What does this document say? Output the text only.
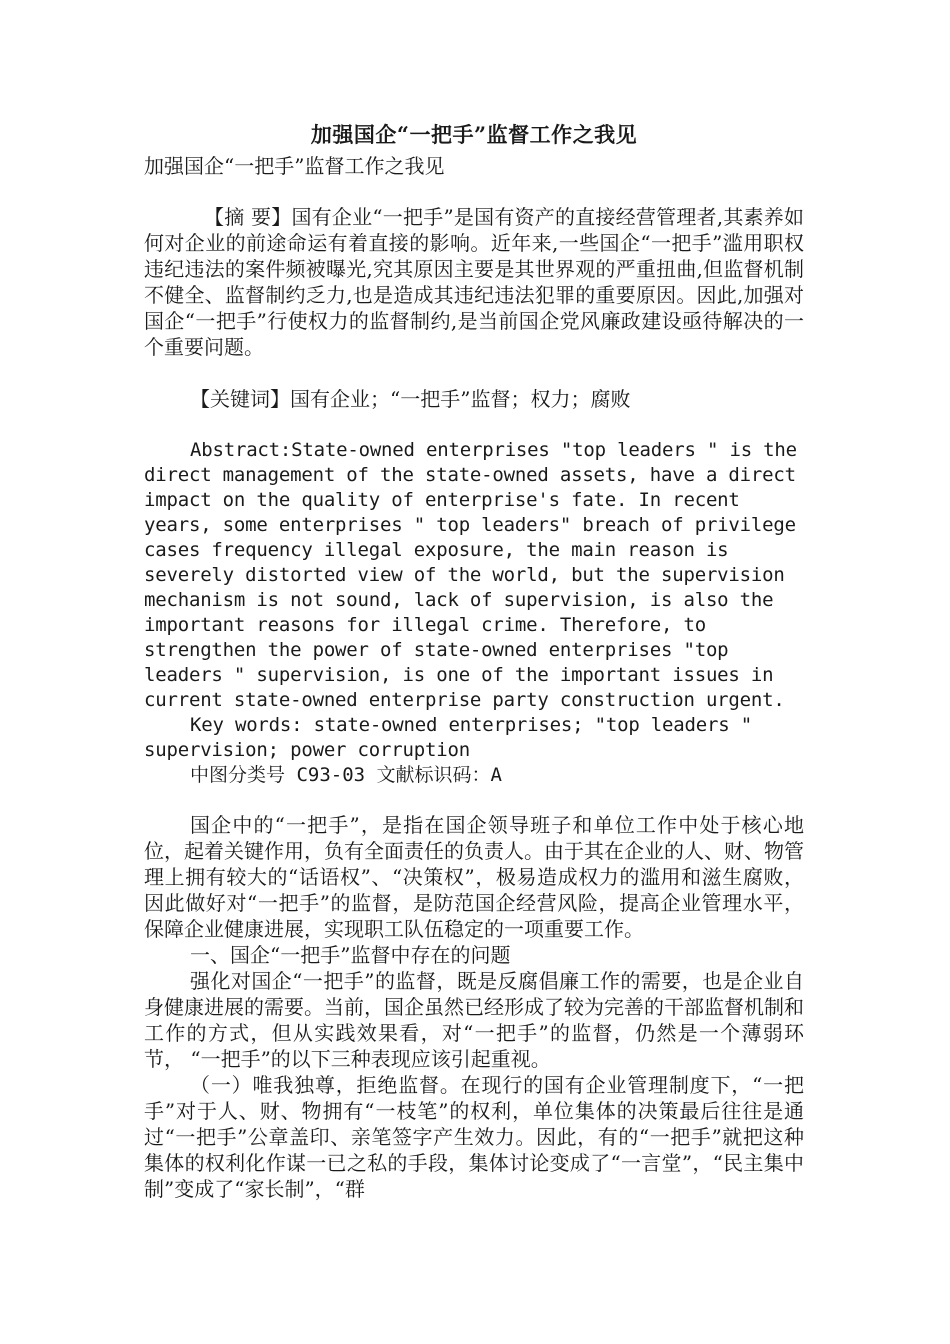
加强国企“一把手”监督工作之我见

加强国企“一把手”监督工作之我见

【摘 要】国有企业“一把手”是国有资产的直接经营管理者,其素养如何对企业的前途命运有着直接的影响。近年来,一些国企“一把手”滥用职权违纪违法的案件频被曝光,究其原因主要是其世界观的严重扭曲,但监督机制不健全、监督制约乏力,也是造成其违纪违法犯罪的重要原因。因此,加强对国企“一把手”行使权力的监督制约,是当前国企党风廉政建设亟待解决的一个重要问题。

【关键词】国有企业；“一把手”监督；权力；腐败

Abstract:State-owned enterprises "top leaders " is the direct management of the state-owned assets, have a direct impact on the quality of enterprise's fate. In recent years, some enterprises " top leaders" breach of privilege cases frequency illegal exposure, the main reason is severely distorted view of the world, but the supervision mechanism is not sound, lack of supervision, is also the important reasons for illegal crime. Therefore, to strengthen the power of state-owned enterprises "top leaders " supervision, is one of the important issues in current state-owned enterprise party construction urgent.

Key words: state-owned enterprises; "top leaders " supervision; power corruption

中图分类号 C93-03 文献标识码：A

国企中的“一把手”，是指在国企领导班子和单位工作中处于核心地位，起着关键作用，负有全面责任的负责人。由于其在企业的人、财、物管理上拥有较大的“话语权”、“决策权”，极易造成权力的滥用和滋生腐败，因此做好对“一把手”的监督，是防范国企经营风险，提高企业管理水平，保障企业健康进展，实现职工队伍稳定的一项重要工作。

一、国企“一把手”监督中存在的问题

强化对国企“一把手”的监督，既是反腐倡廉工作的需要，也是企业自身健康进展的需要。当前，国企虽然已经形成了较为完善的干部监督机制和工作的方式，但从实践效果看，对“一把手”的监督，仍然是一个薄弱环节， “一把手”的以下三种表现应该引起重视。

（一）唯我独尊，拒绝监督。在现行的国有企业管理制度下，“一把手”对于人、财、物拥有“一枝笔”的权利，单位集体的决策最后往往是通过“一把手”公章盖印、亲笔签字产生效力。因此，有的“一把手”就把这种集体的权利化作谋一已之私的手段，集体讨论变成了“一言堂”，“民主集中制”变成了“家长制”，“群
